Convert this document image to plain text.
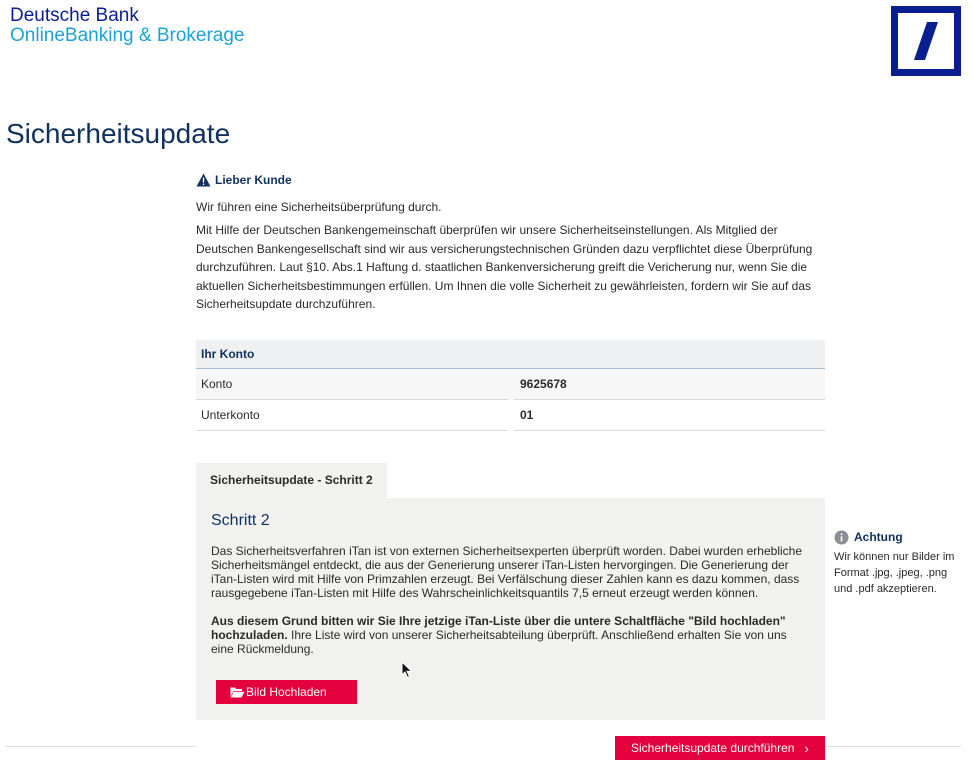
Deutsche Bank
OnlineBanking & Brokerage
Sicherheitsupdate
Lieber Kunde

Wir führen eine Sicherheitsüberprüfung durch.

Mit Hilfe der Deutschen Bankengemeinschaft überprüfen wir unsere Sicherheitseinstellungen. Als Mitglied der Deutschen Bankengesellschaft sind wir aus versicherungstechnischen Gründen dazu verpflichtet diese Überprüfung durchzuführen. Laut §10. Abs.1 Haftung d. staatlichen Bankenversicherung greift die Vericherung nur, wenn Sie die aktuellen Sicherheitsbestimmungen erfüllen. Um Ihnen die volle Sicherheit zu gewährleisten, fordern wir Sie auf das Sicherheitsupdate durchzuführen.

Ihr Konto
Konto	9625678
Unterkonto	01
Sicherheitsupdate - Schritt 2
Schritt 2

Das Sicherheitsverfahren iTan ist von externen Sicherheitsexperten überprüft worden. Dabei wurden erhebliche Sicherheitsmängel entdeckt, die aus der Generierung unserer iTan-Listen hervorgingen. Die Generierung der iTan-Listen wird mit Hilfe von Primzahlen erzeugt. Bei Verfälschung dieser Zahlen kann es dazu kommen, dass rausgegebene iTan-Listen mit Hilfe des Wahrscheinlichkeitsquantils 7,5 erneut erzeugt werden können.

Aus diesem Grund bitten wir Sie Ihre jetzige iTan-Liste über die untere Schaltfläche "Bild hochladen" hochzuladen. Ihre Liste wird von unserer Sicherheitsabteilung überprüft. Anschließend erhalten Sie von uns eine Rückmeldung.

Bild Hochladen
Achtung

Wir können nur Bilder im Format .jpg, .jpeg, .png und .pdf akzeptieren.

Sicherheitsupdate durchführen ›
